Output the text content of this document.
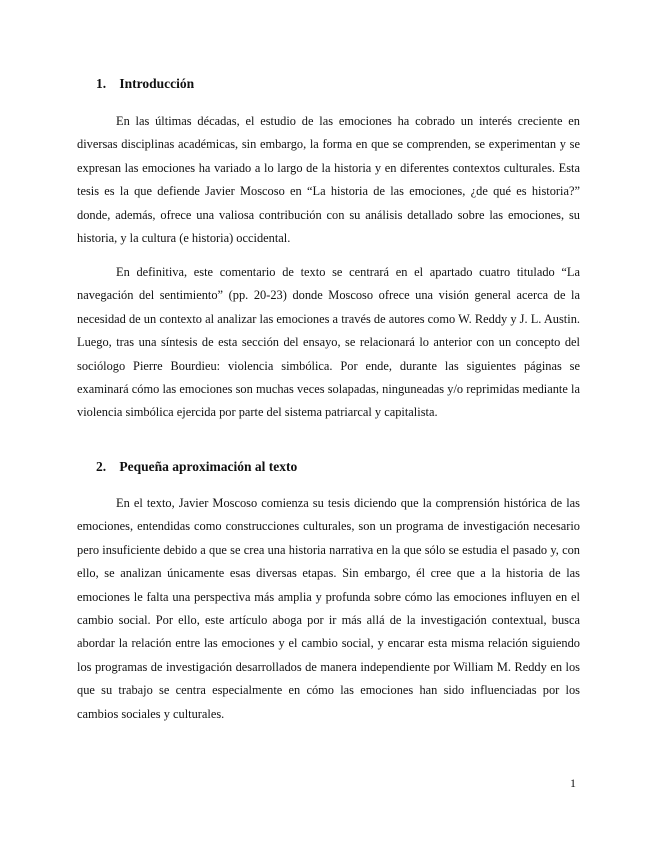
1. Introducción

En las últimas décadas, el estudio de las emociones ha cobrado un interés creciente en diversas disciplinas académicas, sin embargo, la forma en que se comprenden, se experimentan y se expresan las emociones ha variado a lo largo de la historia y en diferentes contextos culturales. Esta tesis es la que defiende Javier Moscoso en “La historia de las emociones, ¿de qué es historia?” donde, además, ofrece una valiosa contribución con su análisis detallado sobre las emociones, su historia, y la cultura (e historia) occidental.

En definitiva, este comentario de texto se centrará en el apartado cuatro titulado “La navegación del sentimiento” (pp. 20-23) donde Moscoso ofrece una visión general acerca de la necesidad de un contexto al analizar las emociones a través de autores como W. Reddy y J. L. Austin. Luego, tras una síntesis de esta sección del ensayo, se relacionará lo anterior con un concepto del sociólogo Pierre Bourdieu: violencia simbólica. Por ende, durante las siguientes páginas se examinará cómo las emociones son muchas veces solapadas, ninguneadas y/o reprimidas mediante la violencia simbólica ejercida por parte del sistema patriarcal y capitalista.

2. Pequeña aproximación al texto

En el texto, Javier Moscoso comienza su tesis diciendo que la comprensión histórica de las emociones, entendidas como construcciones culturales, son un programa de investigación necesario pero insuficiente debido a que se crea una historia narrativa en la que sólo se estudia el pasado y, con ello, se analizan únicamente esas diversas etapas. Sin embargo, él cree que a la historia de las emociones le falta una perspectiva más amplia y profunda sobre cómo las emociones influyen en el cambio social. Por ello, este artículo aboga por ir más allá de la investigación contextual, busca abordar la relación entre las emociones y el cambio social, y encarar esta misma relación siguiendo los programas de investigación desarrollados de manera independiente por William M. Reddy en los que su trabajo se centra especialmente en cómo las emociones han sido influenciadas por los cambios sociales y culturales.

1
